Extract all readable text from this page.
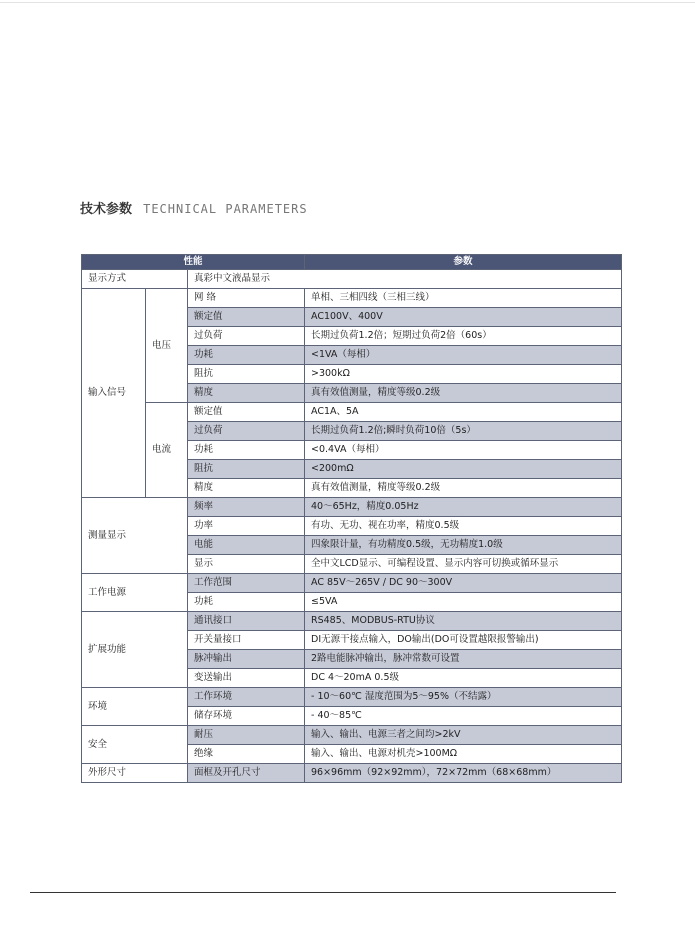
技术参数 TECHNICAL PARAMETERS
性能			参数
显示方式		真彩中文液晶显示	
输入信号	电压	网 络	单相、三相四线（三相三线）
		额定值	AC100V、400V
		过负荷	长期过负荷1.2倍；短期过负荷2倍（60s）
		功耗	<1VA（每相）
		阻抗	>300kΩ
		精度	真有效值测量，精度等级0.2级
	电流	额定值	AC1A、5A
		过负荷	长期过负荷1.2倍;瞬时负荷10倍（5s）
		功耗	<0.4VA（每相）
		阻抗	<200mΩ
		精度	真有效值测量，精度等级0.2级
测量显示		频率	40～65Hz，精度0.05Hz
		功率	有功、无功、视在功率，精度0.5级
		电能	四象限计量，有功精度0.5级，无功精度1.0级
		显示	全中文LCD显示、可编程设置、显示内容可切换或循环显示
工作电源		工作范围	AC 85V～265V / DC 90～300V
		功耗	≤5VA
扩展功能		通讯接口	RS485、MODBUS-RTU协议
		开关量接口	DI无源干接点输入，DO输出(DO可设置越限报警输出)
		脉冲输出	2路电能脉冲输出，脉冲常数可设置
		变送输出	DC 4～20mA 0.5级
环境		工作环境	- 10～60℃ 湿度范围为5～95%（不结露）
		储存环境	- 40～85℃
安全		耐压	输入、输出、电源三者之间均>2kV
		绝缘	输入、输出、电源对机壳>100MΩ
外形尺寸		面框及开孔尺寸	96×96mm（92×92mm），72×72mm（68×68mm）
